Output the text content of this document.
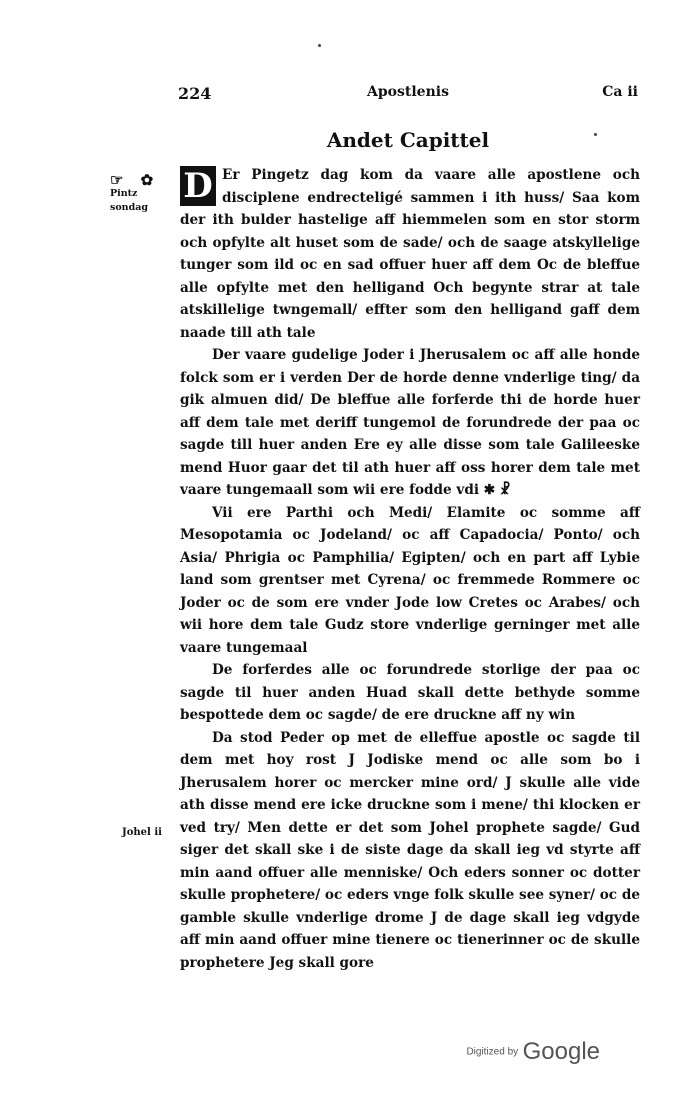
224	Apostlenis	Ca ii
Andet Capittel
☞ ✿
Pintz
sondag
Johel ii

D Er Pingetz dag kom da vaare alle apostlene och disciplene endrecteligé sammen i ith huss/ Saa kom der ith bulder hastelige aff hiemmelen som en stor storm och opfylte alt huset som de sade/ och de saage atskyllelige tunger som ild oc en sad offuer huer aff dem Oc de bleffue alle opfylte met den helligand Och begynte strar at tale atskillelige twngemall/ effter som den helligand gaff dem naade till ath tale

Der vaare gudelige Joder i Jherusalem oc aff alle honde folck som er i verden Der de horde denne vnderlige ting/ da gik almuen did/ De bleffue alle forferde thi de horde huer aff dem tale met deriff tungemol de forundrede der paa oc sagde till huer anden Ere ey alle disse som tale Galileeske mend Huor gaar det til ath huer aff oss horer dem tale met vaare tungemaall som wii ere fodde vdi ✱ ☧

Vii ere Parthi och Medi/ Elamite oc somme aff Mesopotamia oc Jodeland/ oc aff Capadocia/ Ponto/ och Asia/ Phrigia oc Pamphilia/ Egipten/ och en part aff Lybie land som grentser met Cyrena/ oc fremmede Rommere oc Joder oc de som ere vnder Jode low Cretes oc Arabes/ och wii hore dem tale Gudz store vnderlige gerninger met alle vaare tungemaal

De forferdes alle oc forundrede storlige der paa oc sagde til huer anden Huad skall dette bethyde somme bespottede dem oc sagde/ de ere druckne aff ny win

Da stod Peder op met de elleffue apostle oc sagde til dem met hoy rost J Jodiske mend oc alle som bo i Jherusalem horer oc mercker mine ord/ J skulle alle vide ath disse mend ere icke druckne som i mene/ thi klocken er ved try/ Men dette er det som Johel prophete sagde/ Gud siger det skall ske i de siste dage da skall ieg vd styrte aff min aand offuer alle menniske/ Och eders sonner oc dotter skulle prophetere/ oc eders vnge folk skulle see syner/ oc de gamble skulle vnderlige drome J de dage skall ieg vdgyde aff min aand offuer mine tienere oc tienerinner oc de skulle prophetere Jeg skall gore

Digitized by Google
